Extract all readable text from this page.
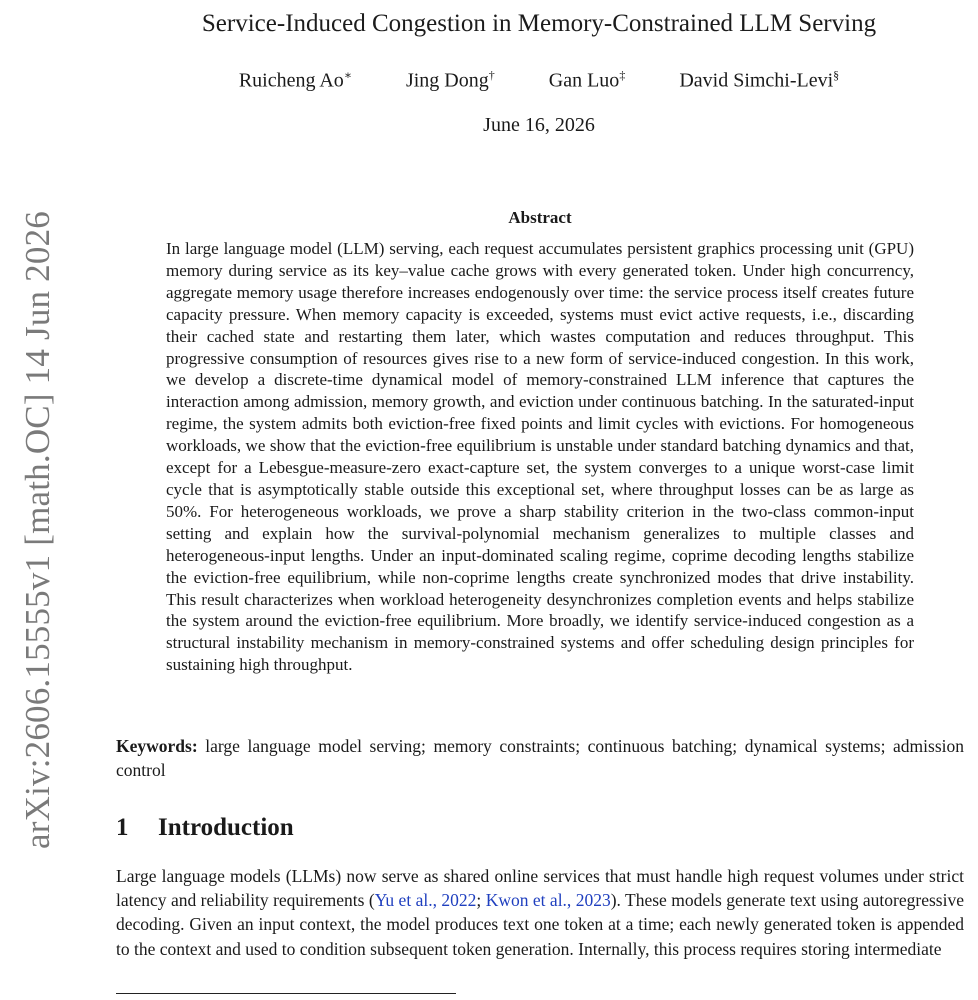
arXiv:2606.15555v1 [math.OC] 14 Jun 2026
Service-Induced Congestion in Memory-Constrained LLM Serving
Ruicheng Ao∗	Jing Dong†	Gan Luo‡	David Simchi-Levi§
June 16, 2026
Abstract
In large language model (LLM) serving, each request accumulates persistent graphics processing unit (GPU) memory during service as its key–value cache grows with every generated token. Under high concurrency, aggregate memory usage therefore increases endogenously over time: the service process itself creates future capacity pressure. When memory capacity is exceeded, systems must evict active requests, i.e., discarding their cached state and restarting them later, which wastes computation and reduces throughput. This progressive consumption of resources gives rise to a new form of service-induced congestion. In this work, we develop a discrete-time dynamical model of memory-constrained LLM inference that captures the interaction among admission, memory growth, and eviction under continuous batching. In the saturated-input regime, the system admits both eviction-free fixed points and limit cycles with evictions. For homogeneous workloads, we show that the eviction-free equilibrium is unstable under standard batching dynamics and that, except for a Lebesgue-measure-zero exact-capture set, the system converges to a unique worst-case limit cycle that is asymptotically stable outside this exceptional set, where throughput losses can be as large as 50%. For heterogeneous workloads, we prove a sharp stability criterion in the two-class common-input setting and explain how the survival-polynomial mechanism generalizes to multiple classes and heterogeneous-input lengths. Under an input-dominated scaling regime, coprime decoding lengths stabilize the eviction-free equilibrium, while non-coprime lengths create synchronized modes that drive instability. This result characterizes when workload heterogeneity desynchronizes completion events and helps stabilize the system around the eviction-free equilibrium. More broadly, we identify service-induced congestion as a structural instability mechanism in memory-constrained systems and offer scheduling design principles for sustaining high throughput.
Keywords: large language model serving; memory constraints; continuous batching; dynamical systems; admission control
1 Introduction
Large language models (LLMs) now serve as shared online services that must handle high request volumes under strict latency and reliability requirements (Yu et al., 2022; Kwon et al., 2023). These models generate text using autoregressive decoding. Given an input context, the model produces text one token at a time; each newly generated token is appended to the context and used to condition subsequent token generation. Internally, this process requires storing intermediate
